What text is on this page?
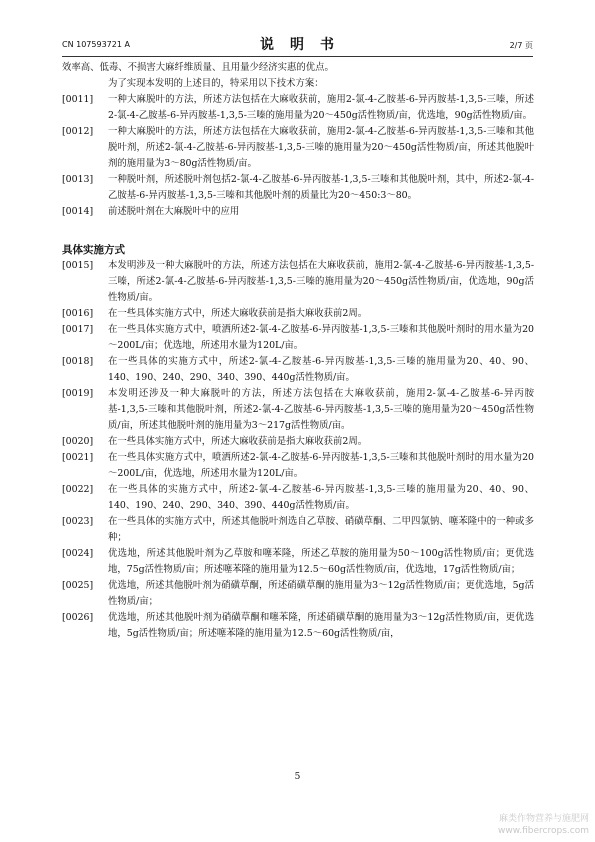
CN 107593721 A	说　明　书	2/7 页
效率高、低毒、不损害大麻纤维质量、且用量少经济实惠的优点。
为了实现本发明的上述目的，特采用以下技术方案：
[0011]	一种大麻脱叶的方法，所述方法包括在大麻收获前，施用2-氯-4-乙胺基-6-异丙胺基-1,3,5-三嗪，所述2-氯-4-乙胺基-6-异丙胺基-1,3,5-三嗪的施用量为20～450g活性物质/亩，优选地，90g活性物质/亩。
[0012]	一种大麻脱叶的方法，所述方法包括在大麻收获前，施用2-氯-4-乙胺基-6-异丙胺基-1,3,5-三嗪和其他脱叶剂，所述2-氯-4-乙胺基-6-异丙胺基-1,3,5-三嗪的施用量为20～450g活性物质/亩，所述其他脱叶剂的施用量为3～80g活性物质/亩。
[0013]	一种脱叶剂，所述脱叶剂包括2-氯-4-乙胺基-6-异丙胺基-1,3,5-三嗪和其他脱叶剂，其中，所述2-氯-4-乙胺基-6-异丙胺基-1,3,5-三嗪和其他脱叶剂的质量比为20～450:3～80。
[0014]	前述脱叶剂在大麻脱叶中的应用
具体实施方式
[0015]	本发明涉及一种大麻脱叶的方法，所述方法包括在大麻收获前，施用2-氯-4-乙胺基-6-异丙胺基-1,3,5-三嗪，所述2-氯-4-乙胺基-6-异丙胺基-1,3,5-三嗪的施用量为20～450g活性物质/亩，优选地，90g活性物质/亩。
[0016]	在一些具体实施方式中，所述大麻收获前是指大麻收获前2周。
[0017]	在一些具体实施方式中，喷洒所述2-氯-4-乙胺基-6-异丙胺基-1,3,5-三嗪和其他脱叶剂时的用水量为20～200L/亩；优选地，所述用水量为120L/亩。
[0018]	在一些具体的实施方式中，所述2-氯-4-乙胺基-6-异丙胺基-1,3,5-三嗪的施用量为20、40、90、140、190、240、290、340、390、440g活性物质/亩。
[0019]	本发明还涉及一种大麻脱叶的方法，所述方法包括在大麻收获前，施用2-氯-4-乙胺基-6-异丙胺基-1,3,5-三嗪和其他脱叶剂，所述2-氯-4-乙胺基-6-异丙胺基-1,3,5-三嗪的施用量为20～450g活性物质/亩，所述其他脱叶剂的施用量为3～217g活性物质/亩。
[0020]	在一些具体实施方式中，所述大麻收获前是指大麻收获前2周。
[0021]	在一些具体实施方式中，喷洒所述2-氯-4-乙胺基-6-异丙胺基-1,3,5-三嗪和其他脱叶剂时的用水量为20～200L/亩，优选地，所述用水量为120L/亩。
[0022]	在一些具体的实施方式中，所述2-氯-4-乙胺基-6-异丙胺基-1,3,5-三嗪的施用量为20、40、90、140、190、240、290、340、390、440g活性物质/亩。
[0023]	在一些具体的实施方式中，所述其他脱叶剂选自乙草胺、硝磺草酮、二甲四氯钠、噻苯隆中的一种或多种；
[0024]	优选地，所述其他脱叶剂为乙草胺和噻苯隆，所述乙草胺的施用量为50～100g活性物质/亩；更优选地，75g活性物质/亩；所述噻苯隆的施用量为12.5～60g活性物质/亩，优选地，17g活性物质/亩；
[0025]	优选地，所述其他脱叶剂为硝磺草酮，所述硝磺草酮的施用量为3～12g活性物质/亩；更优选地，5g活性物质/亩；
[0026]	优选地，所述其他脱叶剂为硝磺草酮和噻苯隆，所述硝磺草酮的施用量为3～12g活性物质/亩，更优选地，5g活性物质/亩；所述噻苯隆的施用量为12.5～60g活性物质/亩，
5
麻类作物营养与施肥网
www.fibercrops.com
